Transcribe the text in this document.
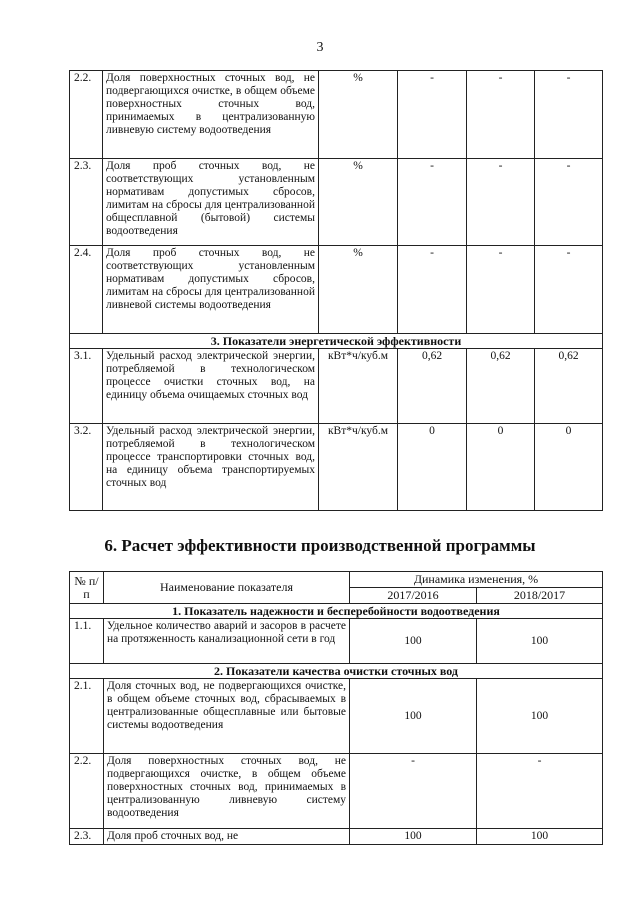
3
2.2.	Доля поверхностных сточных вод, не подвергающихся очистке, в общем объеме поверхностных сточных вод, принимаемых в централизованную ливневую систему водоотведения	%	-	-	-
2.3.	Доля проб сточных вод, не соответствующих установленным нормативам допустимых сбросов, лимитам на сбросы для централизованной общесплавной (бытовой) системы водоотведения	%	-	-	-
2.4.	Доля проб сточных вод, не соответствующих установленным нормативам допустимых сбросов, лимитам на сбросы для централизованной ливневой системы водоотведения	%	-	-	-
3. Показатели энергетической эффективности					
3.1.	Удельный расход электрической энергии, потребляемой в технологическом процессе очистки сточных вод, на единицу объема очищаемых сточных вод	кВт*ч/куб.м	0,62	0,62	0,62
3.2.	Удельный расход электрической энергии, потребляемой в технологическом процессе транспортировки сточных вод, на единицу объема транспортируемых сточных вод	кВт*ч/куб.м	0	0	0
6. Расчет эффективности производственной программы
№ п/п	Наименование показателя	Динамика изменения, %	
		2017/2016	2018/2017
1. Показатель надежности и бесперебойности водоотведения			
1.1.	Удельное количество аварий и засоров в расчете на протяженность канализационной сети в год	100	100
2. Показатели качества очистки сточных вод			
2.1.	Доля сточных вод, не подвергающихся очистке, в общем объеме сточных вод, сбрасываемых в централизованные общесплавные или бытовые системы водоотведения	100	100
2.2.	Доля поверхностных сточных вод, не подвергающихся очистке, в общем объеме поверхностных сточных вод, принимаемых в централизованную ливневую систему водоотведения	-	-
2.3.	Доля проб сточных вод, не	100	100
